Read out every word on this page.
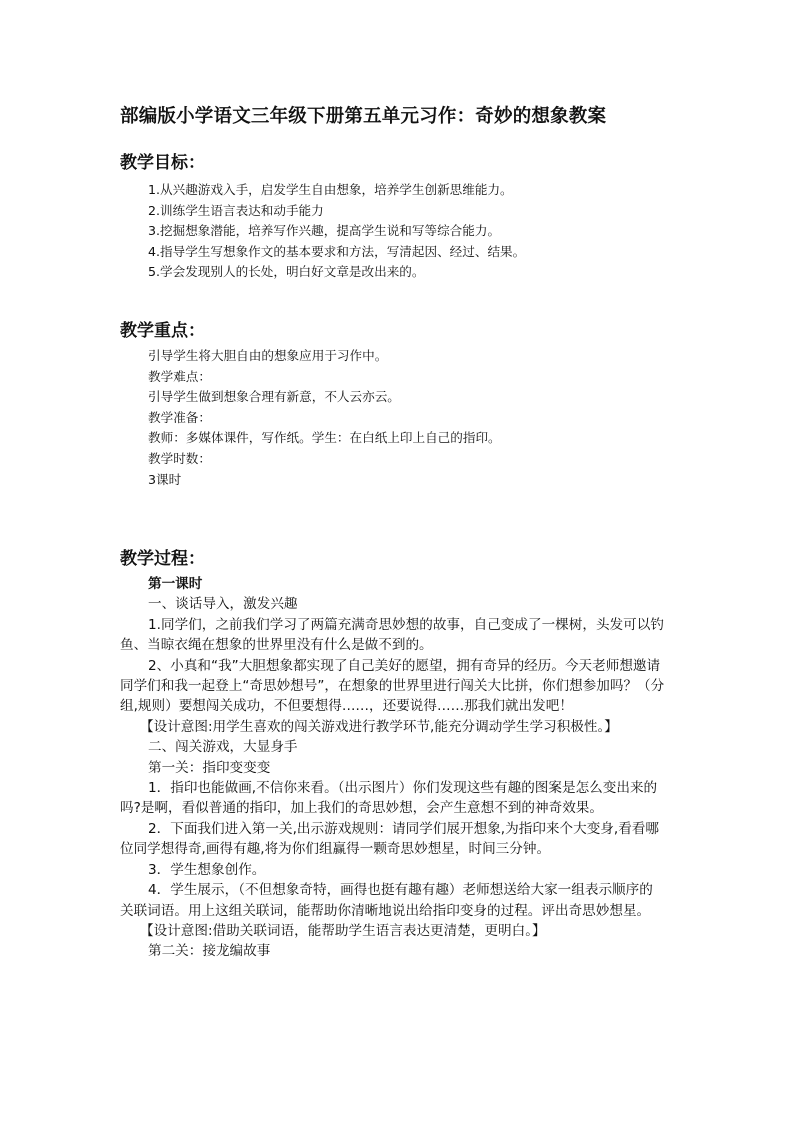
部编版小学语文三年级下册第五单元习作：奇妙的想象教案
教学目标：
1.从兴趣游戏入手，启发学生自由想象，培养学生创新思维能力。
2.训练学生语言表达和动手能力
3.挖掘想象潜能，培养写作兴趣，提高学生说和写等综合能力。
4.指导学生写想象作文的基本要求和方法，写清起因、经过、结果。
5.学会发现别人的长处，明白好文章是改出来的。
教学重点：
引导学生将大胆自由的想象应用于习作中。
教学难点：
引导学生做到想象合理有新意，不人云亦云。
教学准备：
教师：多媒体课件，写作纸。学生：在白纸上印上自己的指印。
教学时数：
3课时
教学过程：
第一课时
一、谈话导入，激发兴趣
1.同学们，之前我们学习了两篇充满奇思妙想的故事，自己变成了一棵树，头发可以钓
鱼、当晾衣绳在想象的世界里没有什么是做不到的。
2、小真和“我”大胆想象都实现了自己美好的愿望，拥有奇异的经历。今天老师想邀请
同学们和我一起登上“奇思妙想号”，在想象的世界里进行闯关大比拼，你们想参加吗？（分
组,规则）要想闯关成功，不但要想得……，还要说得……那我们就出发吧！
【设计意图:用学生喜欢的闯关游戏进行教学环节,能充分调动学生学习积极性。】
二、闯关游戏，大显身手
第一关：指印变变变
1．指印也能做画,不信你来看。（出示图片）你们发现这些有趣的图案是怎么变出来的
吗?是啊，看似普通的指印，加上我们的奇思妙想，会产生意想不到的神奇效果。
2．下面我们进入第一关,出示游戏规则：请同学们展开想象,为指印来个大变身,看看哪
位同学想得奇,画得有趣,将为你们组赢得一颗奇思妙想星，时间三分钟。
3．学生想象创作。
4．学生展示，（不但想象奇特，画得也挺有趣有趣）老师想送给大家一组表示顺序的
关联词语。用上这组关联词，能帮助你清晰地说出给指印变身的过程。评出奇思妙想星。
【设计意图:借助关联词语，能帮助学生语言表达更清楚，更明白。】
第二关：接龙编故事
